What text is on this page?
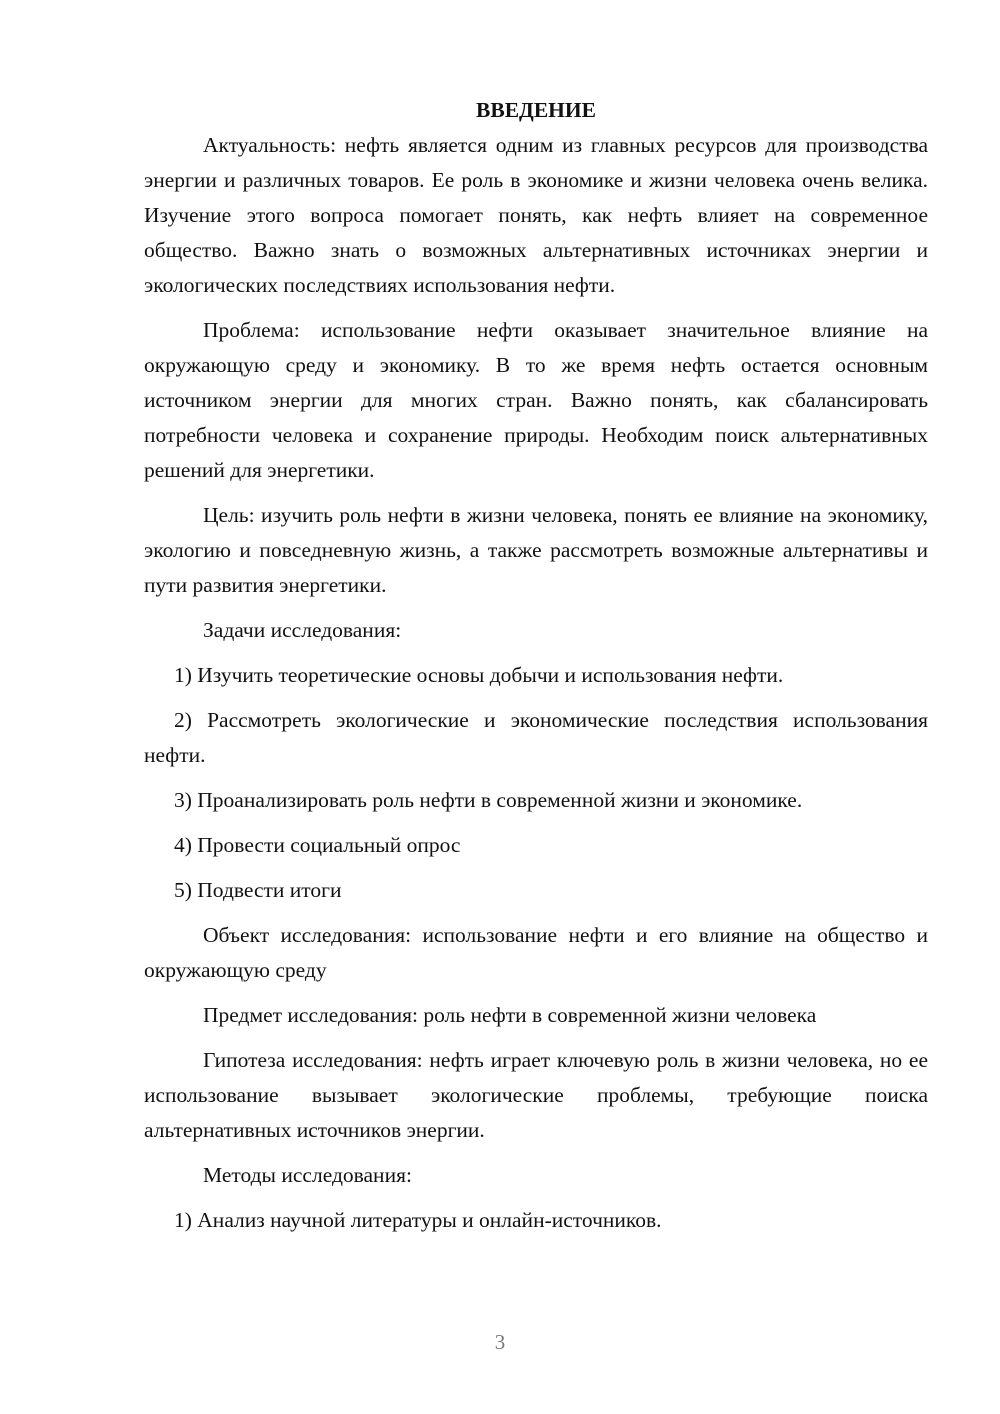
ВВЕДЕНИЕ

Актуальность: нефть является одним из главных ресурсов для производства энергии и различных товаров. Ее роль в экономике и жизни человека очень велика. Изучение этого вопроса помогает понять, как нефть влияет на современное общество. Важно знать о возможных альтернативных источниках энергии и экологических последствиях использования нефти.

Проблема: использование нефти оказывает значительное влияние на окружающую среду и экономику. В то же время нефть остается основным источником энергии для многих стран. Важно понять, как сбалансировать потребности человека и сохранение природы. Необходим поиск альтернативных решений для энергетики.

Цель: изучить роль нефти в жизни человека, понять ее влияние на экономику, экологию и повседневную жизнь, а также рассмотреть возможные альтернативы и пути развития энергетики.

Задачи исследования:

1) Изучить теоретические основы добычи и использования нефти.

2) Рассмотреть экологические и экономические последствия использования нефти.

3) Проанализировать роль нефти в современной жизни и экономике.

4) Провести социальный опрос

5) Подвести итоги

Объект исследования: использование нефти и его влияние на общество и окружающую среду

Предмет исследования: роль нефти в современной жизни человека

Гипотеза исследования: нефть играет ключевую роль в жизни человека, но ее использование вызывает экологические проблемы, требующие поиска альтернативных источников энергии.

Методы исследования:

1) Анализ научной литературы и онлайн-источников.

3
